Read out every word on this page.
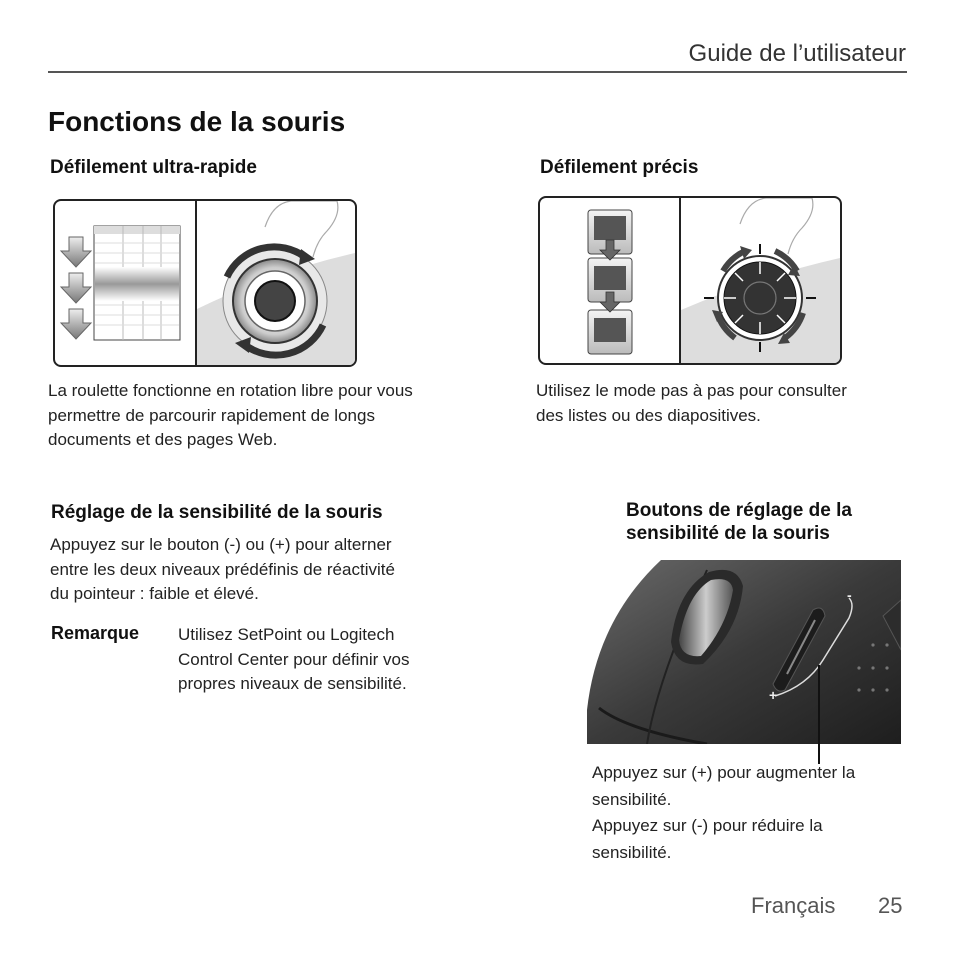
Guide de l’utilisateur
Fonctions de la souris
Défilement ultra-rapide

La roulette fonctionne en rotation libre pour vous
permettre de parcourir rapidement de longs
documents et des pages Web.

Défilement précis

Utilisez le mode pas à pas pour consulter
des listes ou des diapositives.

Réglage de la sensibilité de la souris

Appuyez sur le bouton (-) ou (+) pour alterner
entre les deux niveaux prédéfinis de réactivité
du pointeur : faible et élevé.

Remarque Utilisez SetPoint ou Logitech
Control Center pour définir vos
propres niveaux de sensibilité.

Boutons de réglage de la
sensibilité de la souris
+
-

Appuyez sur (+) pour augmenter la
sensibilité.
Appuyez sur (-) pour réduire la
sensibilité.

Français 25
